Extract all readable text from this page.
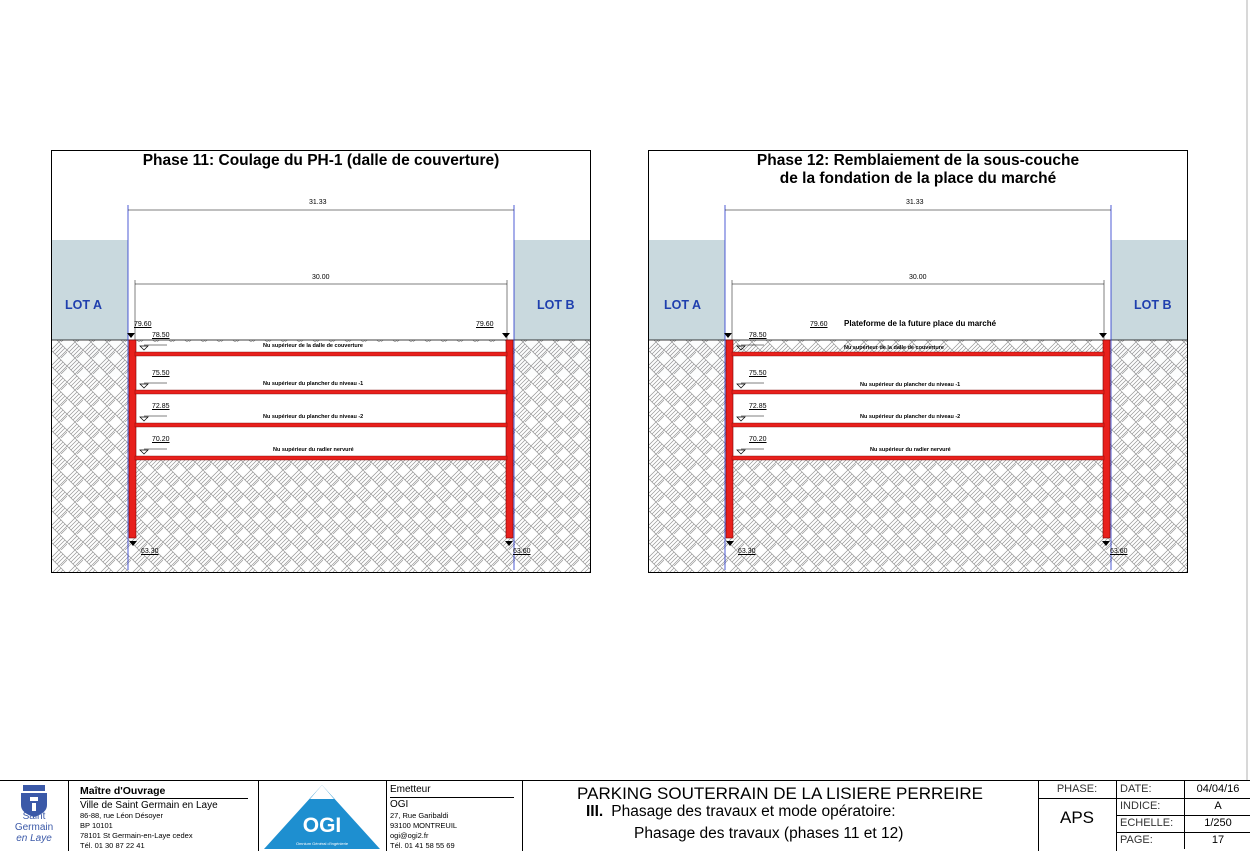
Phase 11: Coulage du PH-1 (dalle de couverture)
31.33
30.00
LOT A	LOT B
79.60	79.60
78.50
Nu supérieur de la dalle de couverture
75.50
Nu supérieur du plancher du niveau -1
72.85
Nu supérieur du plancher du niveau -2
70.20
Nu supérieur du radier nervuré
63.30	63.60
Phase 12: Remblaiement de la sous-couche
de la fondation de la place du marché
31.33
30.00
LOT A	LOT B
79.60 Plateforme de la future place du marché
78.50
Nu supérieur de la dalle de couverture
75.50
Nu supérieur du plancher du niveau -1
72.85
Nu supérieur du plancher du niveau -2
70.20
Nu supérieur du radier nervuré
63.30	63.60
Saint
Germain
en Laye
Maître d'Ouvrage
Ville de Saint Germain en Laye
86-88, rue Léon Désoyer
BP 10101
78101 St Germain-en-Laye cedex
Tél. 01 30 87 22 41
OGI
Omnium Général d'Ingénierie
Emetteur
OGI
27, Rue Garibaldi
93100 MONTREUIL
ogi@ogi2.fr
Tél. 01 41 58 55 69
PARKING SOUTERRAIN DE LA LISIERE PERREIRE
III. Phasage des travaux et mode opératoire:
Phasage des travaux (phases 11 et 12)
PHASE:
APS
DATE:	04/04/16
INDICE:	A
ECHELLE:	1/250
PAGE:	17
